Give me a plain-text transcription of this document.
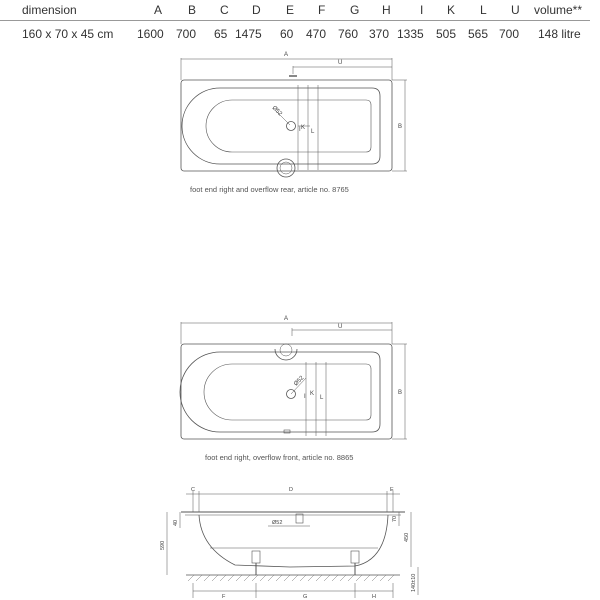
dimension	A B C D E F G H I K L U volume**
160 x 70 x 45 cm 1600 700 65 1475 60 470 760 370 1335 505 565 700 148 litre
A
U
B
I K
L
Ø52
A
U
B
I K
L
Ø52
C	D	E
F	G	H
Ø52
40
590
450
70
140±10
foot end right and overflow rear, article no. 8765
foot end right, overflow front, article no. 8865
